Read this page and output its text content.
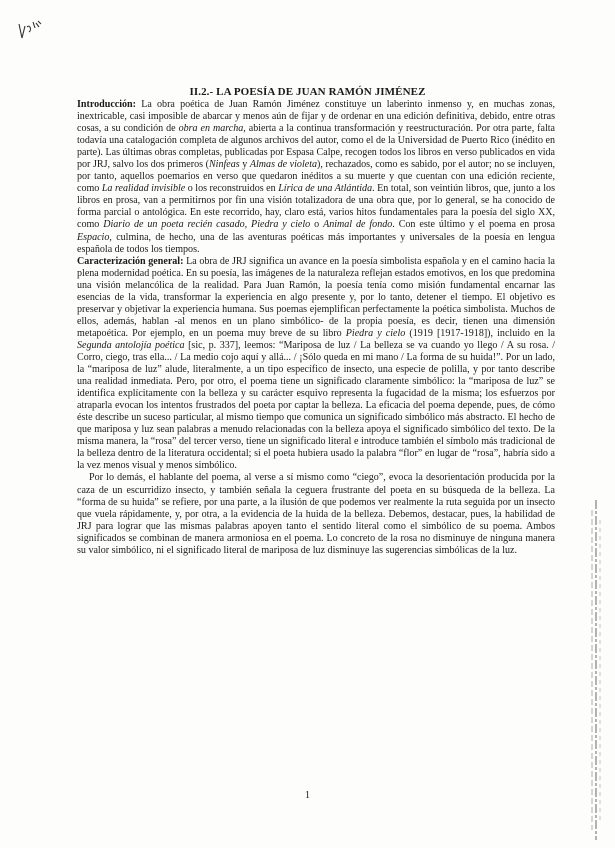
II.2.- LA POESÍA DE JUAN RAMÓN JIMÉNEZ

Introducción: La obra poética de Juan Ramón Jiménez constituye un laberinto inmenso y, en muchas zonas, inextricable, casi imposible de abarcar y menos aún de fijar y de ordenar en una edición definitiva, debido, entre otras cosas, a su condición de obra en marcha, abierta a la continua transformación y reestructuración. Por otra parte, falta todavía una catalogación completa de algunos archivos del autor, como el de la Universidad de Puerto Rico (inédito en parte). Las últimas obras completas, publicadas por Espasa Calpe, recogen todos los libros en verso publicados en vida por JRJ, salvo los dos primeros (Ninfeas y Almas de violeta), rechazados, como es sabido, por el autor; no se incluyen, por tanto, aquellos poemarios en verso que quedaron inéditos a su muerte y que cuentan con una edición reciente, como La realidad invisible o los reconstruidos en Lírica de una Atlántida. En total, son veintiún libros, que, junto a los libros en prosa, van a permitirnos por fin una visión totalizadora de una obra que, por lo general, se ha conocido de forma parcial o antológica. En este recorrido, hay, claro está, varios hitos fundamentales para la poesía del siglo XX, como Diario de un poeta recién casado, Piedra y cielo o Animal de fondo. Con este último y el poema en prosa Espacio, culmina, de hecho, una de las aventuras poéticas más importantes y universales de la poesía en lengua española de todos los tiempos.

Caracterización general: La obra de JRJ significa un avance en la poesía simbolista española y en el camino hacia la plena modernidad poética. En su poesía, las imágenes de la naturaleza reflejan estados emotivos, en los que predomina una visión melancólica de la realidad. Para Juan Ramón, la poesía tenía como misión fundamental encarnar las esencias de la vida, transformar la experiencia en algo presente y, por lo tanto, detener el tiempo. El objetivo es preservar y objetivar la experiencia humana. Sus poemas ejemplifican perfectamente la poética simbolista. Muchos de ellos, además, hablan -al menos en un plano simbólico- de la propia poesía, es decir, tienen una dimensión metapoética. Por ejemplo, en un poema muy breve de su libro Piedra y cielo (1919 [1917-1918]), incluido en la Segunda antolojía poética [sic, p. 337], leemos: “Mariposa de luz / La belleza se va cuando yo llego / A su rosa. / Corro, ciego, tras ella... / La medio cojo aquí y allá... / ¡Sólo queda en mi mano / La forma de su huida!”. Por un lado, la “mariposa de luz” alude, literalmente, a un tipo específico de insecto, una especie de polilla, y por tanto describe una realidad inmediata. Pero, por otro, el poema tiene un significado claramente simbólico: la “mariposa de luz” se identifica explícitamente con la belleza y su carácter esquivo representa la fugacidad de la misma; los esfuerzos por atraparla evocan los intentos frustrados del poeta por captar la belleza. La eficacia del poema depende, pues, de cómo éste describe un suceso particular, al mismo tiempo que comunica un significado simbólico más abstracto. El hecho de que mariposa y luz sean palabras a menudo relacionadas con la belleza apoya el significado simbólico del texto. De la misma manera, la “rosa” del tercer verso, tiene un significado literal e introduce también el símbolo más tradicional de la belleza dentro de la literatura occidental; si el poeta hubiera usado la palabra “flor” en lugar de “rosa”, habría sido a la vez menos visual y menos simbólico.

Por lo demás, el hablante del poema, al verse a sí mismo como “ciego”, evoca la desorientación producida por la caza de un escurridizo insecto, y también señala la ceguera frustrante del poeta en su búsqueda de la belleza. La “forma de su huida” se refiere, por una parte, a la ilusión de que podemos ver realmente la ruta seguida por un insecto que vuela rápidamente, y, por otra, a la evidencia de la huida de la belleza. Debemos, destacar, pues, la habilidad de JRJ para lograr que las mismas palabras apoyen tanto el sentido literal como el simbólico de su poema. Ambos significados se combinan de manera armoniosa en el poema. Lo concreto de la rosa no disminuye de ninguna manera su valor simbólico, ni el significado literal de mariposa de luz disminuye las sugerencias simbólicas de la luz.

1
